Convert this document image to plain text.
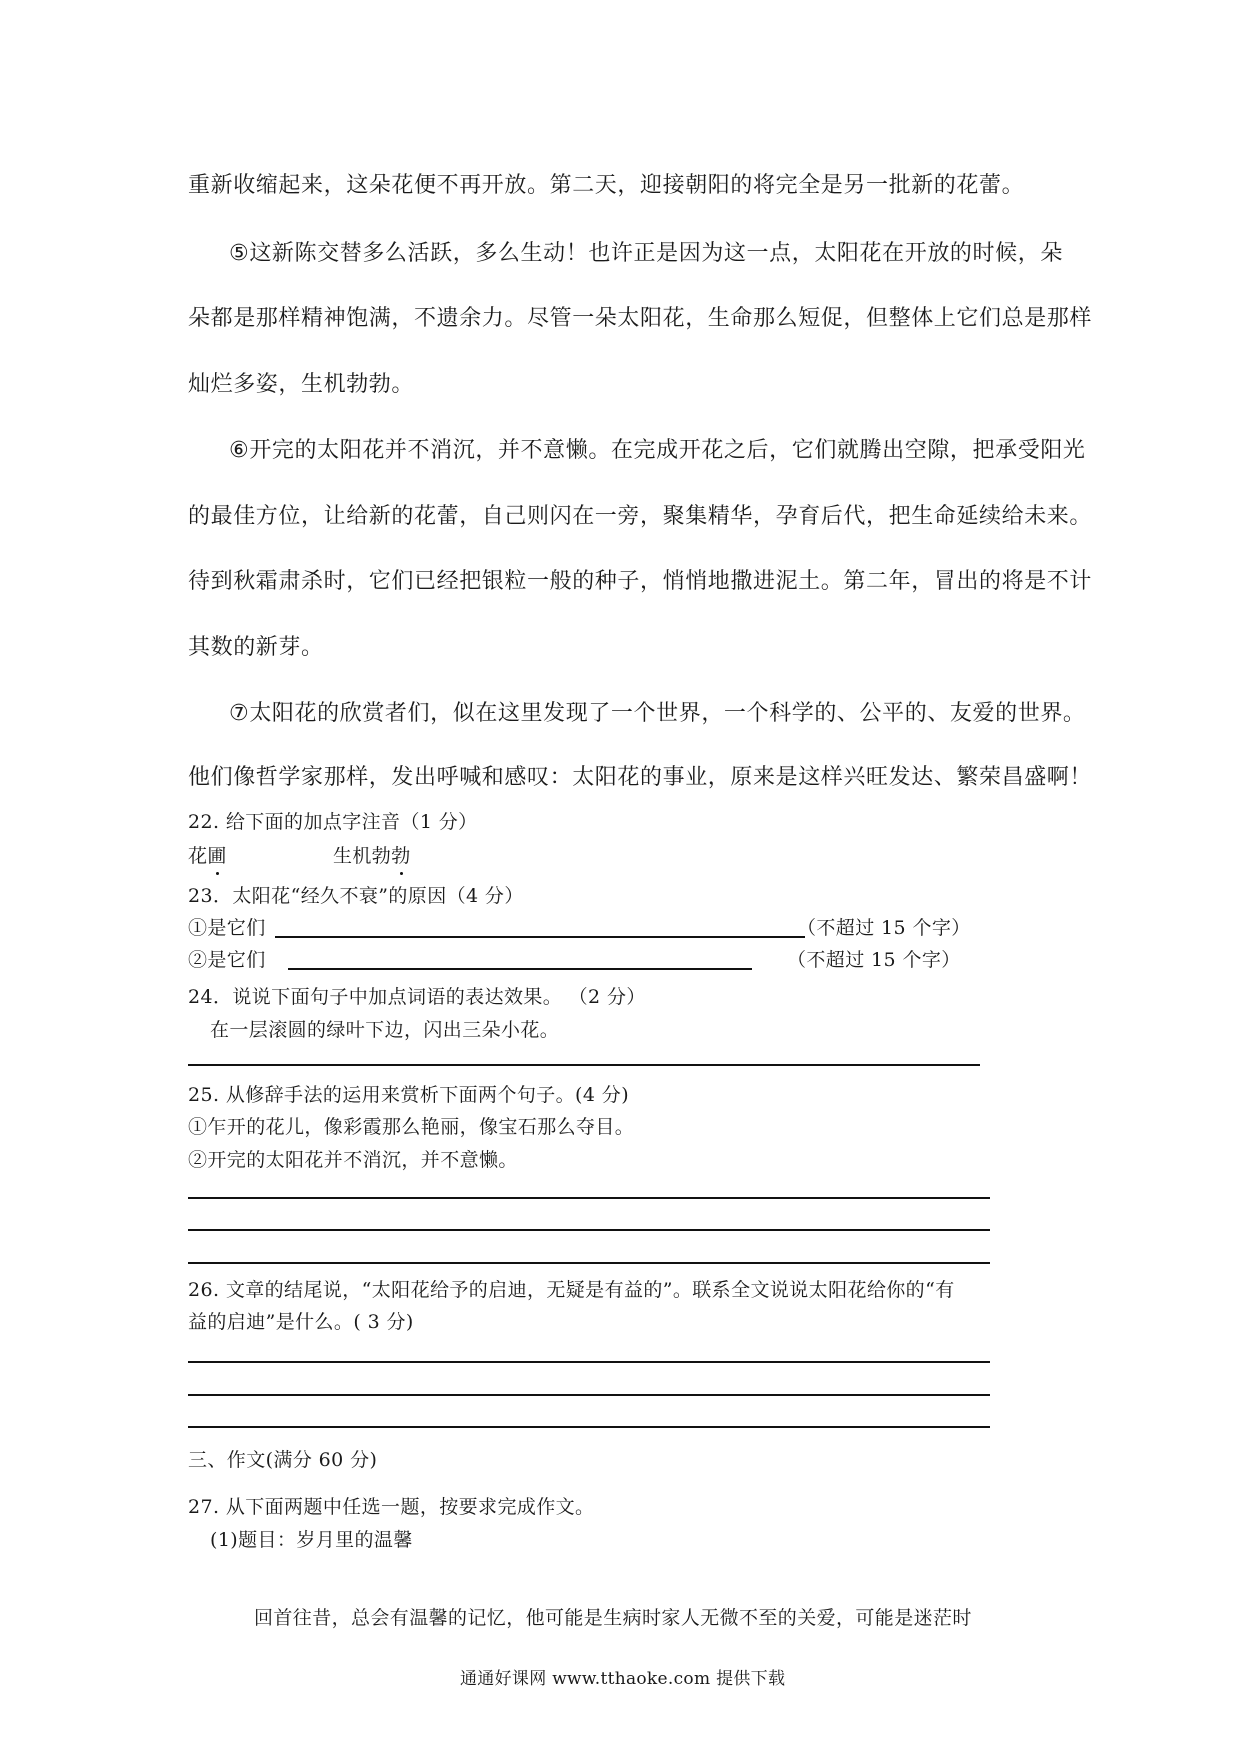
重新收缩起来，这朵花便不再开放。第二天，迎接朝阳的将完全是另一批新的花蕾。
⑤这新陈交替多么活跃，多么生动！也许正是因为这一点，太阳花在开放的时候，朵
朵都是那样精神饱满，不遗余力。尽管一朵太阳花，生命那么短促，但整体上它们总是那样
灿烂多姿，生机勃勃。
⑥开完的太阳花并不消沉，并不意懒。在完成开花之后，它们就腾出空隙，把承受阳光
的最佳方位，让给新的花蕾，自己则闪在一旁，聚集精华，孕育后代，把生命延续给未来。
待到秋霜肃杀时，它们已经把银粒一般的种子，悄悄地撒进泥土。第二年，冒出的将是不计
其数的新芽。
⑦太阳花的欣赏者们，似在这里发现了一个世界，一个科学的、公平的、友爱的世界。
他们像哲学家那样，发出呼喊和感叹：太阳花的事业，原来是这样兴旺发达、繁荣昌盛啊！
22. 给下面的加点字注音（1 分）
花圃	生机勃勃
23．太阳花“经久不衰”的原因（4 分）
①是它们	（不超过 15 个字）
②是它们	（不超过 15 个字）
24．说说下面句子中加点词语的表达效果。 （2 分）
在一层滚圆的绿叶下边，闪出三朵小花。
25. 从修辞手法的运用来赏析下面两个句子。(4 分)
①乍开的花儿，像彩霞那么艳丽，像宝石那么夺目。
②开完的太阳花并不消沉，并不意懒。
26. 文章的结尾说，“太阳花给予的启迪，无疑是有益的”。联系全文说说太阳花给你的“有
益的启迪”是什么。( 3 分)
三、作文(满分 60 分)
27. 从下面两题中任选一题，按要求完成作文。
(1)题目：岁月里的温馨
回首往昔，总会有温馨的记忆，他可能是生病时家人无微不至的关爱，可能是迷茫时
通通好课网 www.tthaoke.com 提供下载
